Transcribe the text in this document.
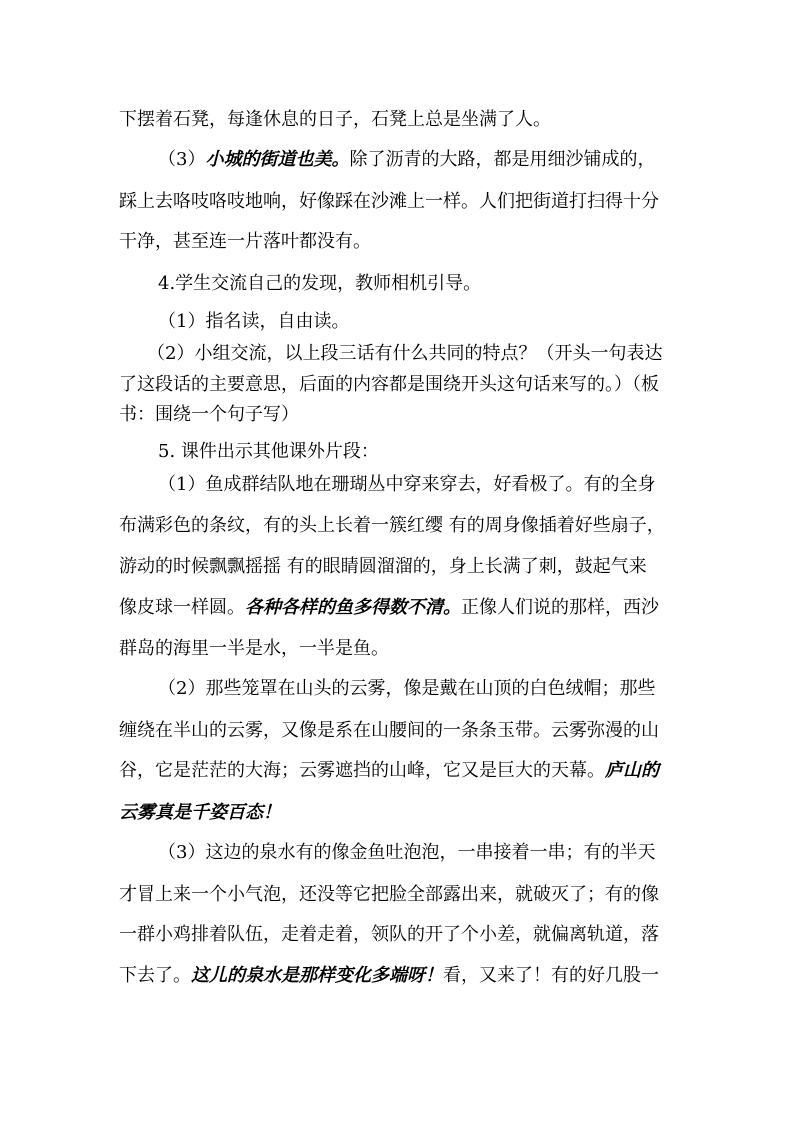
下摆着石凳，每逢休息的日子，石凳上总是坐满了人。
（3）小城的街道也美。除了沥青的大路，都是用细沙铺成的，
踩上去咯吱咯吱地响，好像踩在沙滩上一样。人们把街道打扫得十分
干净，甚至连一片落叶都没有。
4.学生交流自己的发现，教师相机引导。
（1）指名读，自由读。
（2）小组交流，以上段三话有什么共同的特点？（开头一句表达
了这段话的主要意思，后面的内容都是围绕开头这句话来写的。）（板
书：围绕一个句子写）
5. 课件出示其他课外片段：
（1）鱼成群结队地在珊瑚丛中穿来穿去，好看极了。有的全身
布满彩色的条纹，有的头上长着一簇红缨 有的周身像插着好些扇子，
游动的时候飘飘摇摇 有的眼睛圆溜溜的，身上长满了刺，鼓起气来
像皮球一样圆。各种各样的鱼多得数不清。正像人们说的那样，西沙
群岛的海里一半是水，一半是鱼。
（2）那些笼罩在山头的云雾，像是戴在山顶的白色绒帽；那些
缠绕在半山的云雾，又像是系在山腰间的一条条玉带。云雾弥漫的山
谷，它是茫茫的大海；云雾遮挡的山峰，它又是巨大的天幕。庐山的
云雾真是千姿百态！
（3）这边的泉水有的像金鱼吐泡泡，一串接着一串；有的半天
才冒上来一个小气泡，还没等它把脸全部露出来，就破灭了；有的像
一群小鸡排着队伍，走着走着，领队的开了个小差，就偏离轨道，落
下去了。这儿的泉水是那样变化多端呀！看，又来了！有的好几股一
